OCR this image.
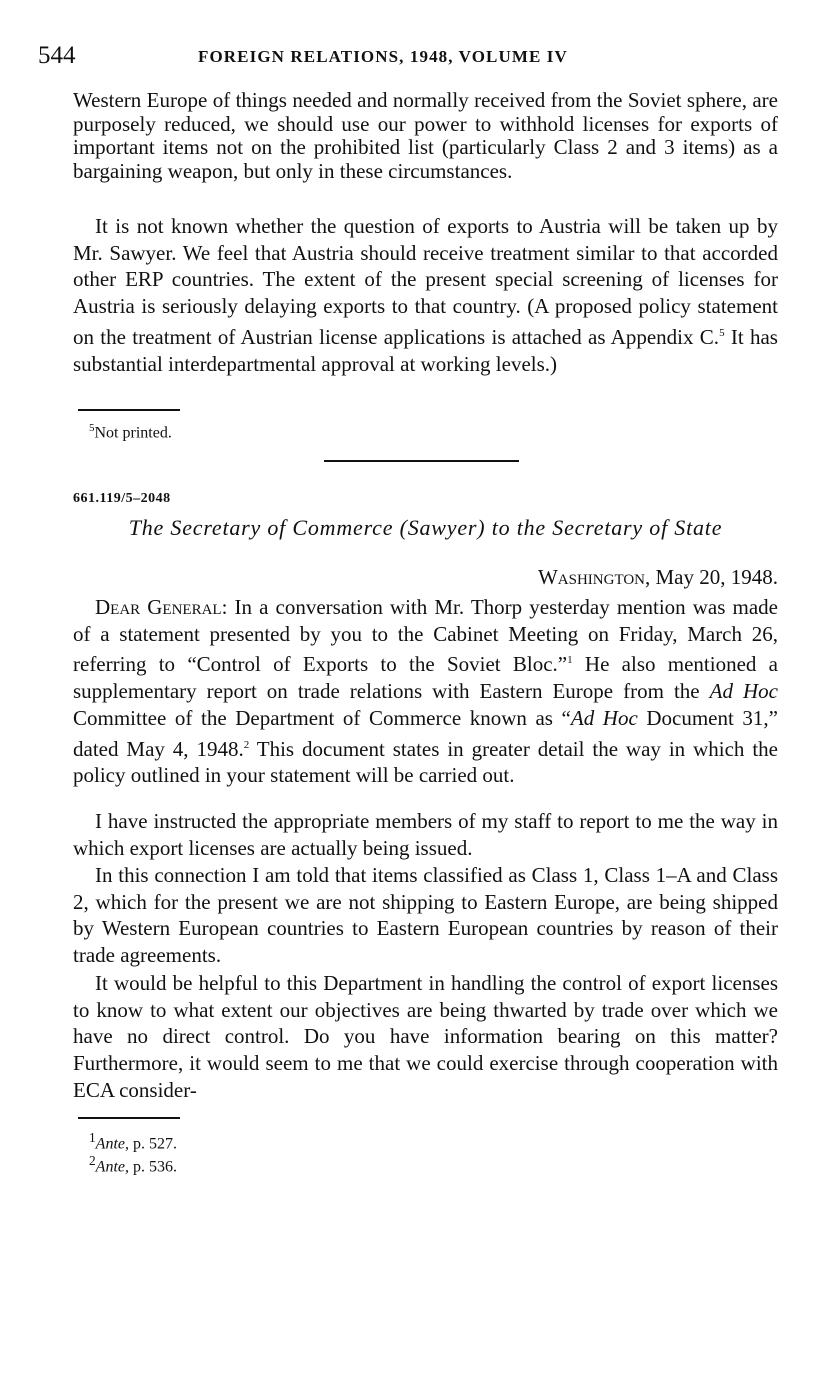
544	FOREIGN RELATIONS, 1948, VOLUME IV
Western Europe of things needed and normally received from the Soviet sphere, are purposely reduced, we should use our power to withhold licenses for exports of important items not on the prohibited list (particularly Class 2 and 3 items) as a bargaining weapon, but only in these circumstances.
It is not known whether the question of exports to Austria will be taken up by Mr. Sawyer. We feel that Austria should receive treatment similar to that accorded other ERP countries. The extent of the present special screening of licenses for Austria is seriously delaying exports to that country. (A proposed policy statement on the treatment of Austrian license applications is attached as Appendix C.$^5$ It has substantial interdepartmental approval at working levels.)
$^5$Not printed.
661.119/5–2048
The Secretary of Commerce (Sawyer) to the Secretary of State
Washington, May 20, 1948.
Dear General: In a conversation with Mr. Thorp yesterday mention was made of a statement presented by you to the Cabinet Meeting on Friday, March 26, referring to “Control of Exports to the Soviet Bloc.”$^1$ He also mentioned a supplementary report on trade relations with Eastern Europe from the Ad Hoc Committee of the Department of Commerce known as “Ad Hoc Document 31,” dated May 4, 1948.$^2$ This document states in greater detail the way in which the policy outlined in your statement will be carried out.
I have instructed the appropriate members of my staff to report to me the way in which export licenses are actually being issued.
In this connection I am told that items classified as Class 1, Class 1–A and Class 2, which for the present we are not shipping to Eastern Europe, are being shipped by Western European countries to Eastern European countries by reason of their trade agreements.
It would be helpful to this Department in handling the control of export licenses to know to what extent our objectives are being thwarted by trade over which we have no direct control. Do you have information bearing on this matter? Furthermore, it would seem to me that we could exercise through cooperation with ECA consider-
$^1$Ante, p. 527.
$^2$Ante, p. 536.
